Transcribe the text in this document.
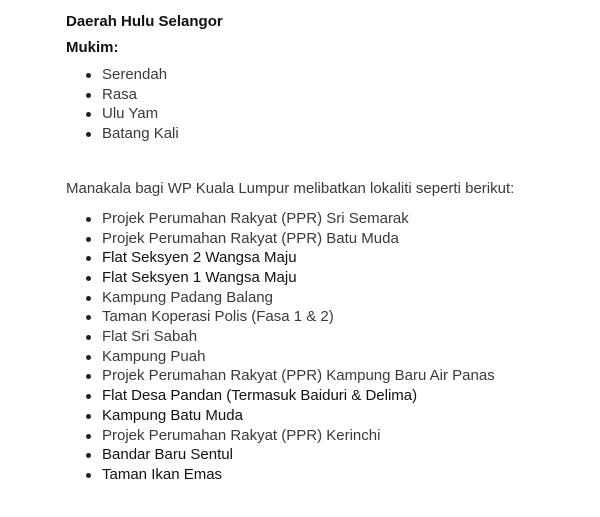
Daerah Hulu Selangor

Mukim:

Serendah
Rasa
Ulu Yam
Batang Kali

Manakala bagi WP Kuala Lumpur melibatkan lokaliti seperti berikut:

Projek Perumahan Rakyat (PPR) Sri Semarak
Projek Perumahan Rakyat (PPR) Batu Muda
Flat Seksyen 2 Wangsa Maju
Flat Seksyen 1 Wangsa Maju
Kampung Padang Balang
Taman Koperasi Polis (Fasa 1 & 2)
Flat Sri Sabah
Kampung Puah
Projek Perumahan Rakyat (PPR) Kampung Baru Air Panas
Flat Desa Pandan (Termasuk Baiduri & Delima)
Kampung Batu Muda
Projek Perumahan Rakyat (PPR) Kerinchi
Bandar Baru Sentul
Taman Ikan Emas
